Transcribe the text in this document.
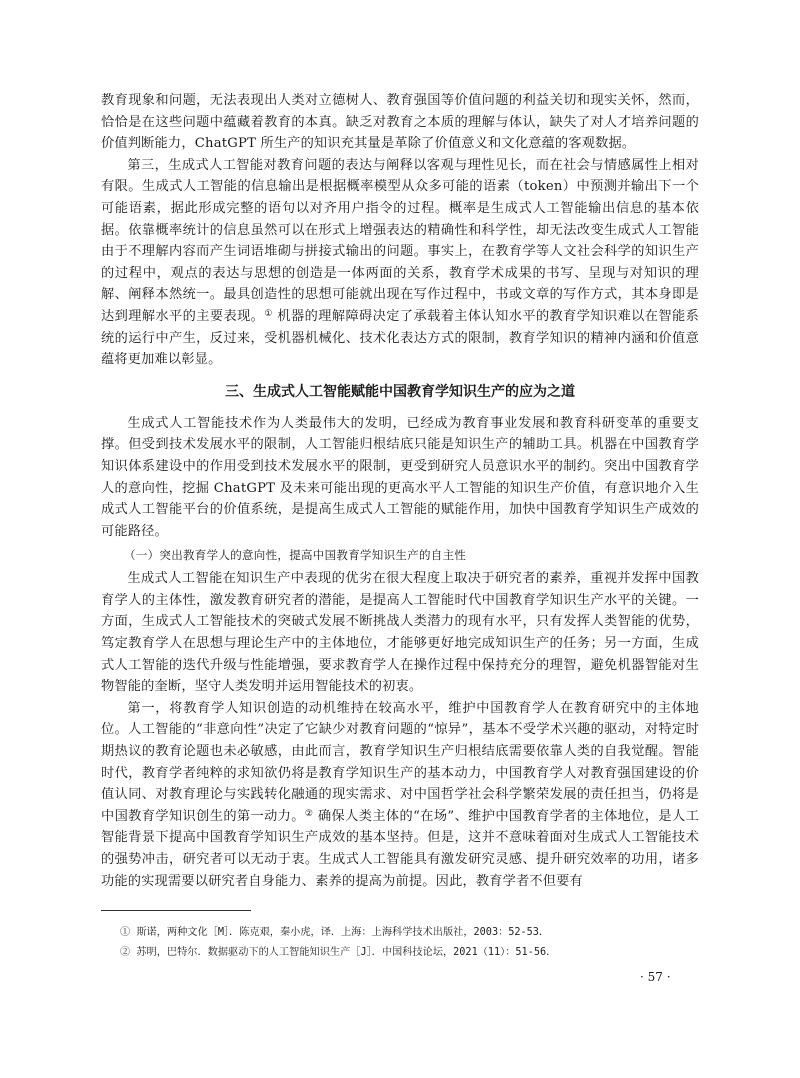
教育现象和问题，无法表现出人类对立德树人、教育强国等价值问题的利益关切和现实关怀，然而，恰恰是在这些问题中蕴藏着教育的本真。缺乏对教育之本质的理解与体认，缺失了对人才培养问题的价值判断能力，ChatGPT 所生产的知识充其量是革除了价值意义和文化意蕴的客观数据。

第三，生成式人工智能对教育问题的表达与阐释以客观与理性见长，而在社会与情感属性上相对有限。生成式人工智能的信息输出是根据概率模型从众多可能的语素（token）中预测并输出下一个可能语素，据此形成完整的语句以对齐用户指令的过程。概率是生成式人工智能输出信息的基本依据。依靠概率统计的信息虽然可以在形式上增强表达的精确性和科学性，却无法改变生成式人工智能由于不理解内容而产生词语堆砌与拼接式输出的问题。事实上，在教育学等人文社会科学的知识生产的过程中，观点的表达与思想的创造是一体两面的关系，教育学术成果的书写、呈现与对知识的理解、阐释本然统一。最具创造性的思想可能就出现在写作过程中，书或文章的写作方式，其本身即是达到理解水平的主要表现。① 机器的理解障碍决定了承载着主体认知水平的教育学知识难以在智能系统的运行中产生，反过来，受机器机械化、技术化表达方式的限制，教育学知识的精神内涵和价值意蕴将更加难以彰显。

三、生成式人工智能赋能中国教育学知识生产的应为之道

生成式人工智能技术作为人类最伟大的发明，已经成为教育事业发展和教育科研变革的重要支撑。但受到技术发展水平的限制，人工智能归根结底只能是知识生产的辅助工具。机器在中国教育学知识体系建设中的作用受到技术发展水平的限制，更受到研究人员意识水平的制约。突出中国教育学人的意向性，挖掘 ChatGPT 及未来可能出现的更高水平人工智能的知识生产价值，有意识地介入生成式人工智能平台的价值系统，是提高生成式人工智能的赋能作用，加快中国教育学知识生产成效的可能路径。

（一）突出教育学人的意向性，提高中国教育学知识生产的自主性

生成式人工智能在知识生产中表现的优劣在很大程度上取决于研究者的素养，重视并发挥中国教育学人的主体性，激发教育研究者的潜能，是提高人工智能时代中国教育学知识生产水平的关键。一方面，生成式人工智能技术的突破式发展不断挑战人类潜力的现有水平，只有发挥人类智能的优势，笃定教育学人在思想与理论生产中的主体地位，才能够更好地完成知识生产的任务；另一方面，生成式人工智能的迭代升级与性能增强，要求教育学人在操作过程中保持充分的理智，避免机器智能对生物智能的奎断，坚守人类发明并运用智能技术的初衷。

第一，将教育学人知识创造的动机维持在较高水平，维护中国教育学人在教育研究中的主体地位。人工智能的“非意向性”决定了它缺少对教育问题的“惊异”，基本不受学术兴趣的驱动，对特定时期热议的教育论题也未必敏感，由此而言，教育学知识生产归根结底需要依靠人类的自我觉醒。智能时代，教育学者纯粹的求知欲仍将是教育学知识生产的基本动力，中国教育学人对教育强国建设的价值认同、对教育理论与实践转化融通的现实需求、对中国哲学社会科学繁荣发展的责任担当，仍将是中国教育学知识创生的第一动力。② 确保人类主体的“在场”、维护中国教育学者的主体地位，是人工智能背景下提高中国教育学知识生产成效的基本坚持。但是，这并不意味着面对生成式人工智能技术的强势冲击，研究者可以无动于衷。生成式人工智能具有激发研究灵感、提升研究效率的功用，诸多功能的实现需要以研究者自身能力、素养的提高为前提。因此，教育学者不但要有

① 斯诺，两种文化［M］．陈克艰，秦小虎，译．上海：上海科学技术出版社，2003：52-53．

② 苏明，巴特尔．数据驱动下的人工智能知识生产［J］．中国科技论坛，2021（11）：51-56．

· 57 ·
